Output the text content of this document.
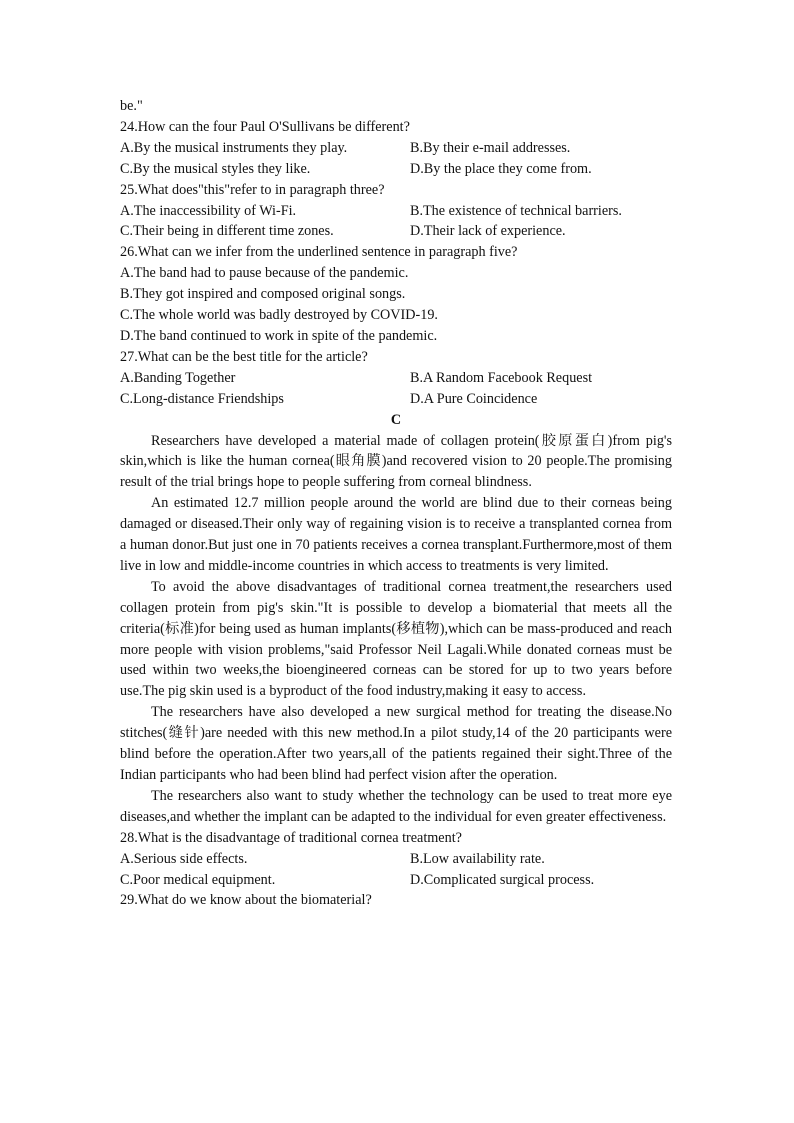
be."
24.How can the four Paul O'Sullivans be different?
A.By the musical instruments they play.	B.By their e-mail addresses.
C.By the musical styles they like.	D.By the place they come from.
25.What does"this"refer to in paragraph three?
A.The inaccessibility of Wi-Fi.	B.The existence of technical barriers.
C.Their being in different time zones.	D.Their lack of experience.
26.What can we infer from the underlined sentence in paragraph five?
A.The band had to pause because of the pandemic.
B.They got inspired and composed original songs.
C.The whole world was badly destroyed by COVID-19.
D.The band continued to work in spite of the pandemic.
27.What can be the best title for the article?
A.Banding Together	B.A Random Facebook Request
C.Long-distance Friendships	D.A Pure Coincidence
C
Researchers have developed a material made of collagen protein(胶原蛋白)from pig's skin,which is like the human cornea(眼角膜)and recovered vision to 20 people.The promising result of the trial brings hope to people suffering from corneal blindness.
An estimated 12.7 million people around the world are blind due to their corneas being damaged or diseased.Their only way of regaining vision is to receive a transplanted cornea from a human donor.But just one in 70 patients receives a cornea transplant.Furthermore,most of them live in low and middle-income countries in which access to treatments is very limited.
To avoid the above disadvantages of traditional cornea treatment,the researchers used collagen protein from pig's skin."It is possible to develop a biomaterial that meets all the criteria(标准)for being used as human implants(移植物),which can be mass-produced and reach more people with vision problems,"said Professor Neil Lagali.While donated corneas must be used within two weeks,the bioengineered corneas can be stored for up to two years before use.The pig skin used is a byproduct of the food industry,making it easy to access.
The researchers have also developed a new surgical method for treating the disease.No stitches(缝针)are needed with this new method.In a pilot study,14 of the 20 participants were blind before the operation.After two years,all of the patients regained their sight.Three of the Indian participants who had been blind had perfect vision after the operation.
The researchers also want to study whether the technology can be used to treat more eye diseases,and whether the implant can be adapted to the individual for even greater effectiveness.
28.What is the disadvantage of traditional cornea treatment?
A.Serious side effects.	B.Low availability rate.
C.Poor medical equipment.	D.Complicated surgical process.
29.What do we know about the biomaterial?
